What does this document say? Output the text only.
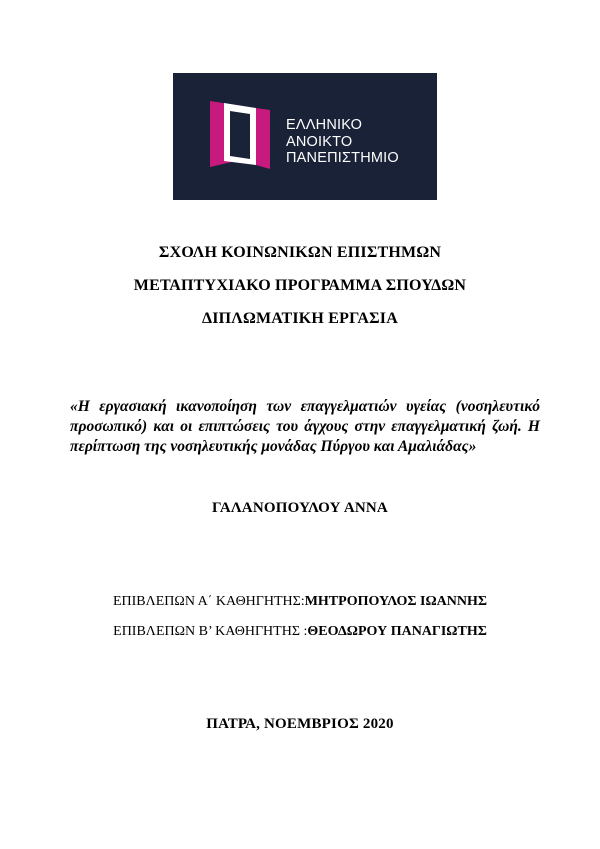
ΕΛΛΗΝΙΚΟ
ΑΝΟΙΚΤΟ
ΠΑΝΕΠΙΣΤΗΜΙΟ
ΣΧΟΛΗ ΚΟΙΝΩΝΙΚΩΝ ΕΠΙΣΤΗΜΩΝ
ΜΕΤΑΠΤΥΧΙΑΚΟ ΠΡΟΓΡΑΜΜΑ ΣΠΟΥΔΩΝ
ΔΙΠΛΩΜΑΤΙΚΗ ΕΡΓΑΣΙΑ
«Η εργασιακή ικανοποίηση των επαγγελματιών υγείας (νοσηλευτικό προσωπικό) και οι επιπτώσεις του άγχους στην επαγγελματική ζωή. Η περίπτωση της νοσηλευτικής μονάδας Πύργου και Αμαλιάδας»
ΓΑΛΑΝΟΠΟΥΛΟΥ ΑΝΝΑ
ΕΠΙΒΛΕΠΩΝ Α΄ ΚΑΘΗΓΗΤΗΣ:ΜΗΤΡΟΠΟΥΛΟΣ ΙΩΑΝΝΗΣ
ΕΠΙΒΛΕΠΩΝ Β’ ΚΑΘΗΓΗΤΗΣ :ΘΕΟΔΩΡΟΥ ΠΑΝΑΓΙΩΤΗΣ
ΠΑΤΡΑ, ΝΟΕΜΒΡΙΟΣ 2020
